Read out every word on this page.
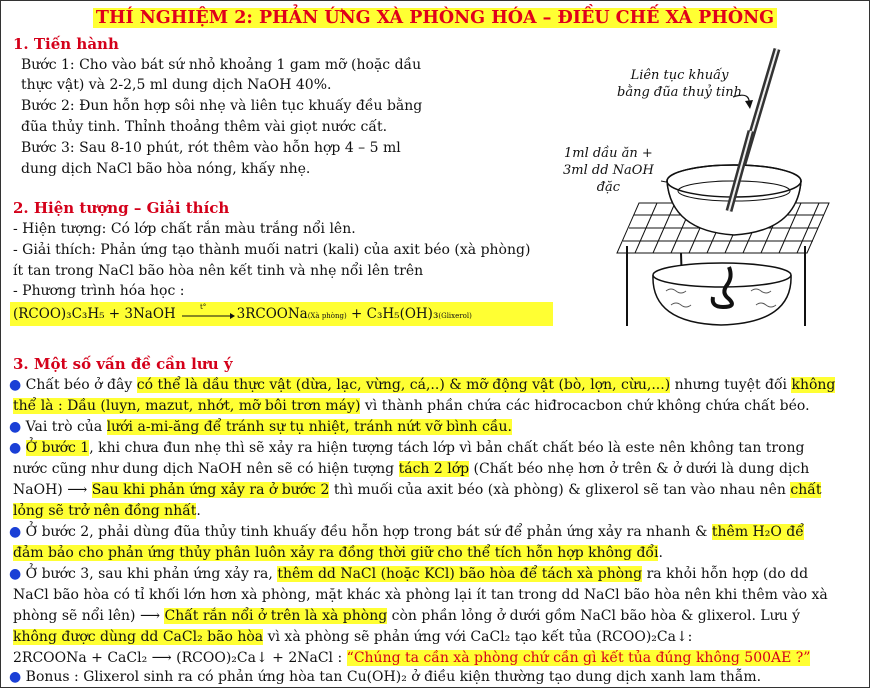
THÍ NGHIỆM 2: PHẢN ỨNG XÀ PHÒNG HÓA – ĐIỀU CHẾ XÀ PHÒNG
1. Tiến hành
Bước 1: Cho vào bát sứ nhỏ khoảng 1 gam mỡ (hoặc dầu
thực vật) và 2-2,5 ml dung dịch NaOH 40%.
Bước 2: Đun hỗn hợp sôi nhẹ và liên tục khuấy đều bằng
đũa thủy tinh. Thỉnh thoảng thêm vài giọt nước cất.
Bước 3: Sau 8-10 phút, rót thêm vào hỗn hợp 4 – 5 ml
dung dịch NaCl bão hòa nóng, khấy nhẹ.
2. Hiện tượng – Giải thích
- Hiện tượng: Có lớp chất rắn màu trắng nổi lên.
- Giải thích: Phản ứng tạo thành muối natri (kali) của axit béo (xà phòng)
ít tan trong NaCl bão hòa nên kết tinh và nhẹ nổi lên trên
- Phương trình hóa học :
(RCOO)₃C₃H₅ + 3NaOH	$^{t^\circ}$ 3RCOONa(Xà phòng) + C₃H₅(OH)₃(Glixerol)
Liên tục khuấy
bằng đũa thuỷ tinh
1ml dầu ăn +
3ml dd NaOH
đặc
3. Một số vấn đề cần lưu ý
● Chất béo ở đây có thể là dầu thực vật (dừa, lạc, vừng, cá,..) & mỡ động vật (bò, lợn, cừu,...) nhưng tuyệt đối không
thể là : Dầu (luyn, mazut, nhớt, mỡ bôi trơn máy) vì thành phần chứa các hiđrocacbon chứ không chứa chất béo.
● Vai trò của lưới a-mi-ăng để tránh sự tụ nhiệt, tránh nứt vỡ bình cầu.
● Ở bước 1, khi chưa đun nhẹ thì sẽ xảy ra hiện tượng tách lớp vì bản chất chất béo là este nên không tan trong
nước cũng như dung dịch NaOH nên sẽ có hiện tượng tách 2 lớp (Chất béo nhẹ hơn ở trên & ở dưới là dung dịch
NaOH) ⟶ Sau khi phản ứng xảy ra ở bước 2 thì muối của axit béo (xà phòng) & glixerol sẽ tan vào nhau nên chất
lỏng sẽ trở nên đồng nhất.
● Ở bước 2, phải dùng đũa thủy tinh khuấy đều hỗn hợp trong bát sứ để phản ứng xảy ra nhanh & thêm H₂O để
đảm bảo cho phản ứng thủy phân luôn xảy ra đồng thời giữ cho thể tích hỗn hợp không đổi.
● Ở bước 3, sau khi phản ứng xảy ra, thêm dd NaCl (hoặc KCl) bão hòa để tách xà phòng ra khỏi hỗn hợp (do dd
NaCl bão hòa có tỉ khối lớn hơn xà phòng, mặt khác xà phòng lại ít tan trong dd NaCl bão hòa nên khi thêm vào xà
phòng sẽ nổi lên) ⟶ Chất rắn nổi ở trên là xà phòng còn phần lỏng ở dưới gồm NaCl bão hòa & glixerol. Lưu ý
không được dùng dd CaCl₂ bão hòa vì xà phòng sẽ phản ứng với CaCl₂ tạo kết tủa (RCOO)₂Ca↓:
2RCOONa + CaCl₂ ⟶ (RCOO)₂Ca↓ + 2NaCl : “Chúng ta cần xà phòng chứ cần gì kết tủa đúng không 500AE ?”
● Bonus : Glixerol sinh ra có phản ứng hòa tan Cu(OH)₂ ở điều kiện thường tạo dung dịch xanh lam thẫm.
